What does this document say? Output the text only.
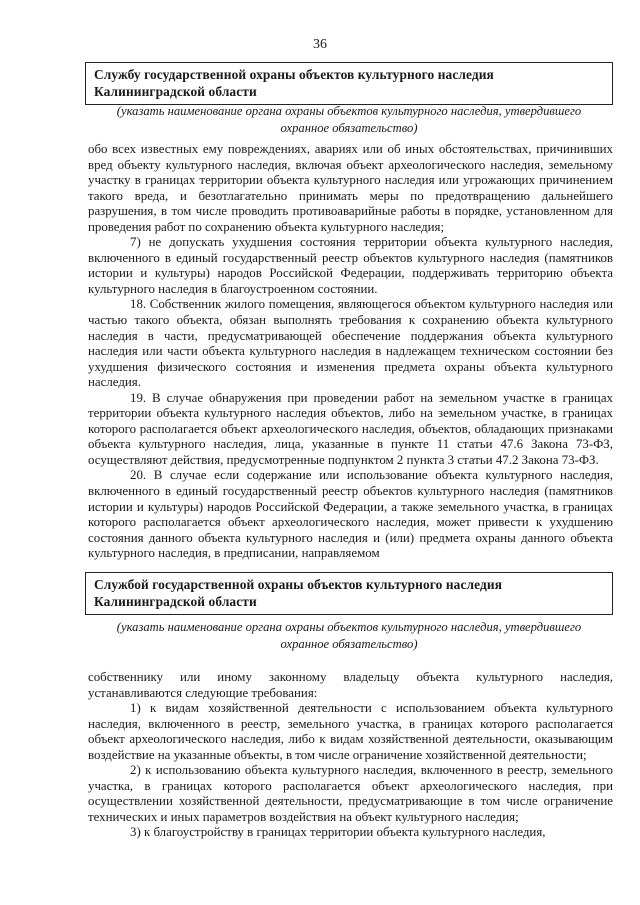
36
Службу государственной охраны объектов культурного наследия Калининградской области
(указать наименование органа охраны объектов культурного наследия, утвердившего
охранное обязательство)

обо всех известных ему повреждениях, авариях или об иных обстоятельствах, причинивших вред объекту культурного наследия, включая объект археологического наследия, земельному участку в границах территории объекта культурного наследия или угрожающих причинением такого вреда, и безотлагательно принимать меры по предотвращению дальнейшего разрушения, в том числе проводить противоаварийные работы в порядке, установленном для проведения работ по сохранению объекта культурного наследия;

7) не допускать ухудшения состояния территории объекта культурного наследия, включенного в единый государственный реестр объектов культурного наследия (памятников истории и культуры) народов Российской Федерации, поддерживать территорию объекта культурного наследия в благоустроенном состоянии.

18. Собственник жилого помещения, являющегося объектом культурного наследия или частью такого объекта, обязан выполнять требования к сохранению объекта культурного наследия в части, предусматривающей обеспечение поддержания объекта культурного наследия или части объекта культурного наследия в надлежащем техническом состоянии без ухудшения физического состояния и изменения предмета охраны объекта культурного наследия.

19. В случае обнаружения при проведении работ на земельном участке в границах территории объекта культурного наследия объектов, либо на земельном участке, в границах которого располагается объект археологического наследия, объектов, обладающих признаками объекта культурного наследия, лица, указанные в пункте 11 статьи 47.6 Закона 73-ФЗ, осуществляют действия, предусмотренные подпунктом 2 пункта 3 статьи 47.2 Закона 73-ФЗ.

20. В случае если содержание или использование объекта культурного наследия, включенного в единый государственный реестр объектов культурного наследия (памятников истории и культуры) народов Российской Федерации, а также земельного участка, в границах которого располагается объект археологического наследия, может привести к ухудшению состояния данного объекта культурного наследия и (или) предмета охраны данного объекта культурного наследия, в предписании, направляемом

Службой государственной охраны объектов культурного наследия Калининградской области
(указать наименование органа охраны объектов культурного наследия, утвердившего
охранное обязательство)

собственнику или иному законному владельцу объекта культурного наследия, устанавливаются следующие требования:

1) к видам хозяйственной деятельности с использованием объекта культурного наследия, включенного в реестр, земельного участка, в границах которого располагается объект археологического наследия, либо к видам хозяйственной деятельности, оказывающим воздействие на указанные объекты, в том числе ограничение хозяйственной деятельности;

2) к использованию объекта культурного наследия, включенного в реестр, земельного участка, в границах которого располагается объект археологического наследия, при осуществлении хозяйственной деятельности, предусматривающие в том числе ограничение технических и иных параметров воздействия на объект культурного наследия;

3) к благоустройству в границах территории объекта культурного наследия,
